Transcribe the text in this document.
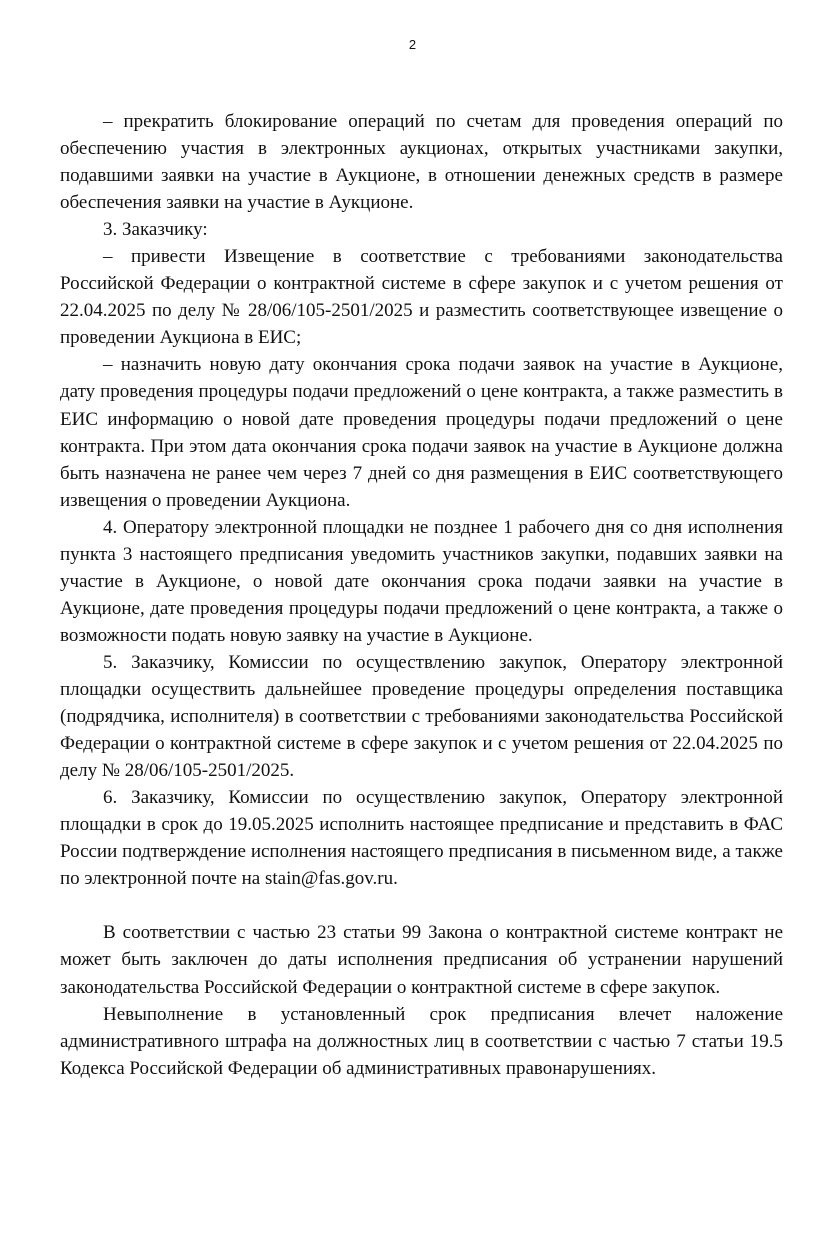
2

– прекратить блокирование операций по счетам для проведения операций по обеспечению участия в электронных аукционах, открытых участниками закупки, подавшими заявки на участие в Аукционе, в отношении денежных средств в размере обеспечения заявки на участие в Аукционе.

3. Заказчику:

– привести Извещение в соответствие с требованиями законодательства Российской Федерации о контрактной системе в сфере закупок и с учетом решения от 22.04.2025 по делу № 28/06/105-2501/2025 и разместить соответствующее извещение о проведении Аукциона в ЕИС;

– назначить новую дату окончания срока подачи заявок на участие в Аукционе, дату проведения процедуры подачи предложений о цене контракта, а также разместить в ЕИС информацию о новой дате проведения процедуры подачи предложений о цене контракта. При этом дата окончания срока подачи заявок на участие в Аукционе должна быть назначена не ранее чем через 7 дней со дня размещения в ЕИС соответствующего извещения о проведении Аукциона.

4. Оператору электронной площадки не позднее 1 рабочего дня со дня исполнения пункта 3 настоящего предписания уведомить участников закупки, подавших заявки на участие в Аукционе, о новой дате окончания срока подачи заявки на участие в Аукционе, дате проведения процедуры подачи предложений о цене контракта, а также о возможности подать новую заявку на участие в Аукционе.

5. Заказчику, Комиссии по осуществлению закупок, Оператору электронной площадки осуществить дальнейшее проведение процедуры определения поставщика (подрядчика, исполнителя) в соответствии с требованиями законодательства Российской Федерации о контрактной системе в сфере закупок и с учетом решения от 22.04.2025 по делу № 28/06/105-2501/2025.

6. Заказчику, Комиссии по осуществлению закупок, Оператору электронной площадки в срок до 19.05.2025 исполнить настоящее предписание и представить в ФАС России подтверждение исполнения настоящего предписания в письменном виде, а также по электронной почте на stain@fas.gov.ru.

В соответствии с частью 23 статьи 99 Закона о контрактной системе контракт не может быть заключен до даты исполнения предписания об устранении нарушений законодательства Российской Федерации о контрактной системе в сфере закупок.

Невыполнение в установленный срок предписания влечет наложение административного штрафа на должностных лиц в соответствии с частью 7 статьи 19.5 Кодекса Российской Федерации об административных правонарушениях.
